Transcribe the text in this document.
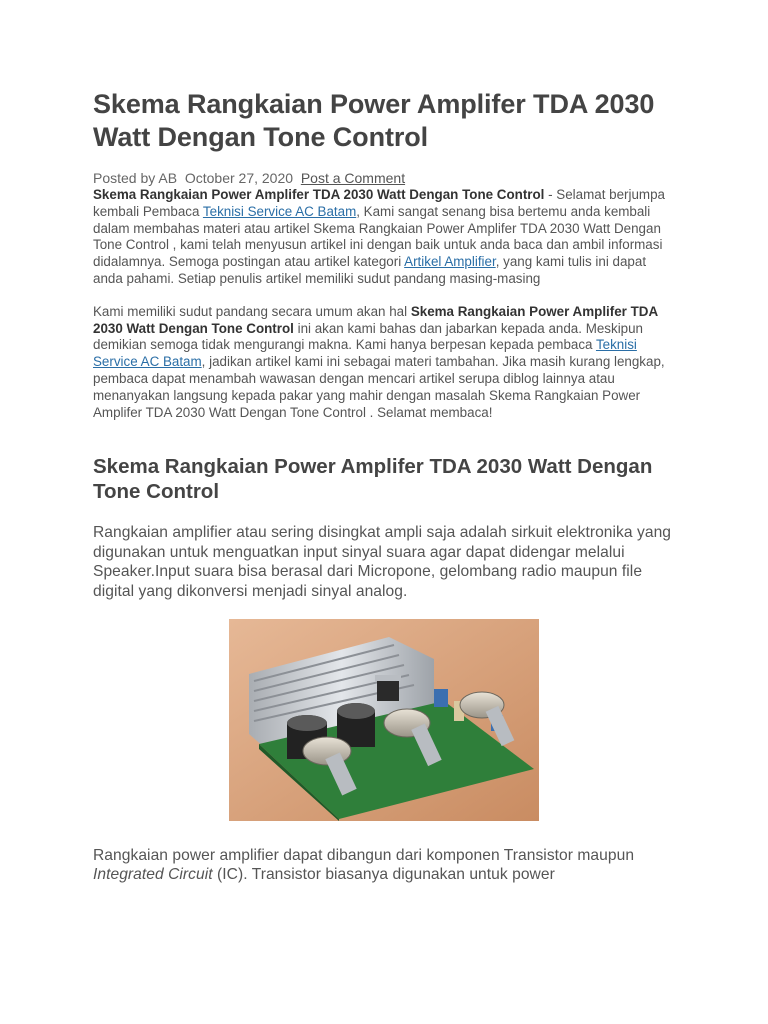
Skema Rangkaian Power Amplifer TDA 2030 Watt Dengan Tone Control
Posted by AB October 27, 2020 Post a Comment

Skema Rangkaian Power Amplifer TDA 2030 Watt Dengan Tone Control - Selamat berjumpa kembali Pembaca Teknisi Service AC Batam, Kami sangat senang bisa bertemu anda kembali dalam membahas materi atau artikel Skema Rangkaian Power Amplifer TDA 2030 Watt Dengan Tone Control , kami telah menyusun artikel ini dengan baik untuk anda baca dan ambil informasi didalamnya. Semoga postingan atau artikel kategori Artikel Amplifier, yang kami tulis ini dapat anda pahami. Setiap penulis artikel memiliki sudut pandang masing-masing

Kami memiliki sudut pandang secara umum akan hal Skema Rangkaian Power Amplifer TDA 2030 Watt Dengan Tone Control ini akan kami bahas dan jabarkan kepada anda. Meskipun demikian semoga tidak mengurangi makna. Kami hanya berpesan kepada pembaca Teknisi Service AC Batam, jadikan artikel kami ini sebagai materi tambahan. Jika masih kurang lengkap, pembaca dapat menambah wawasan dengan mencari artikel serupa diblog lainnya atau menanyakan langsung kepada pakar yang mahir dengan masalah Skema Rangkaian Power Amplifer TDA 2030 Watt Dengan Tone Control . Selamat membaca!

Skema Rangkaian Power Amplifer TDA 2030 Watt Dengan Tone Control

Rangkaian amplifier atau sering disingkat ampli saja adalah sirkuit elektronika yang digunakan untuk menguatkan input sinyal suara agar dapat didengar melalui Speaker.Input suara bisa berasal dari Micropone, gelombang radio maupun file digital yang dikonversi menjadi sinyal analog.

Rangkaian power amplifier dapat dibangun dari komponen Transistor maupun Integrated Circuit (IC). Transistor biasanya digunakan untuk power
